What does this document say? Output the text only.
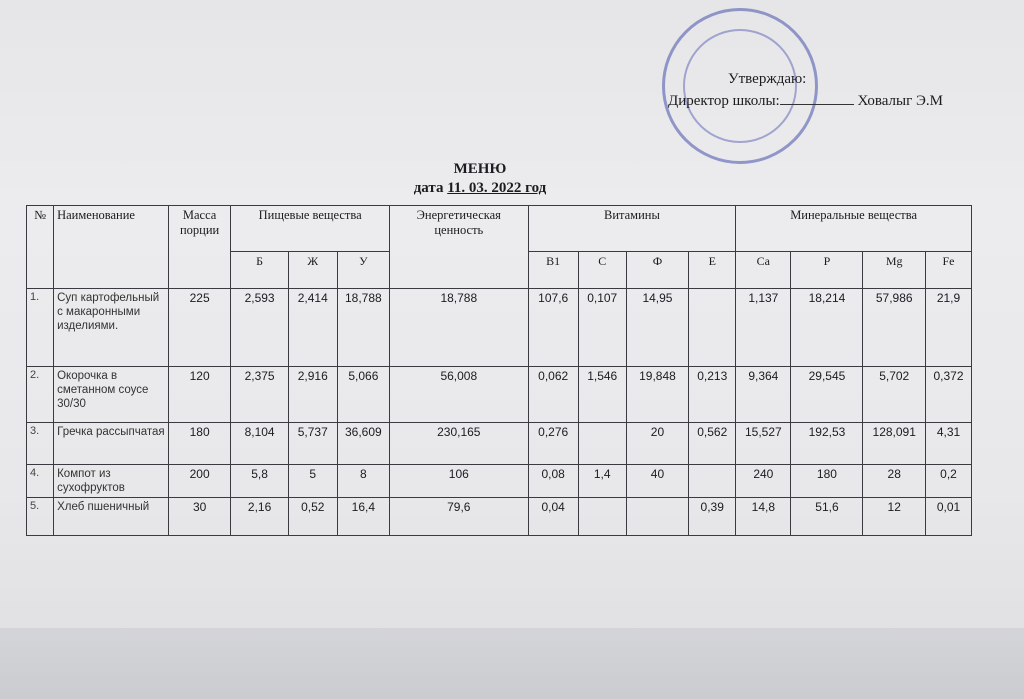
Утверждаю:
Директор школы:	Ховалыг Э.М
МЕНЮ
дата 11. 03. 2022 год
№	Наименование	Масса порции	Пищевые вещества			Энергетическая ценность	Витамины				Минеральные вещества			
			Б	Ж	У		В1	С	Ф	Е	Ca	P	Mg	Fe
1.	Суп картофельный с макаронными изделиями.	225	2,593	2,414	18,788	18,788	107,6	0,107	14,95		1,137	18,214	57,986	21,9
2.	Окорочка в сметанном соусе 30/30	120	2,375	2,916	5,066	56,008	0,062	1,546	19,848	0,213	9,364	29,545	5,702	0,372
3.	Гречка рассыпчатая	180	8,104	5,737	36,609	230,165	0,276		20	0,562	15,527	192,53	128,091	4,31
4.	Компот из сухофруктов	200	5,8	5	8	106	0,08	1,4	40		240	180	28	0,2
5.	Хлеб пшеничный	30	2,16	0,52	16,4	79,6	0,04			0,39	14,8	51,6	12	0,01
